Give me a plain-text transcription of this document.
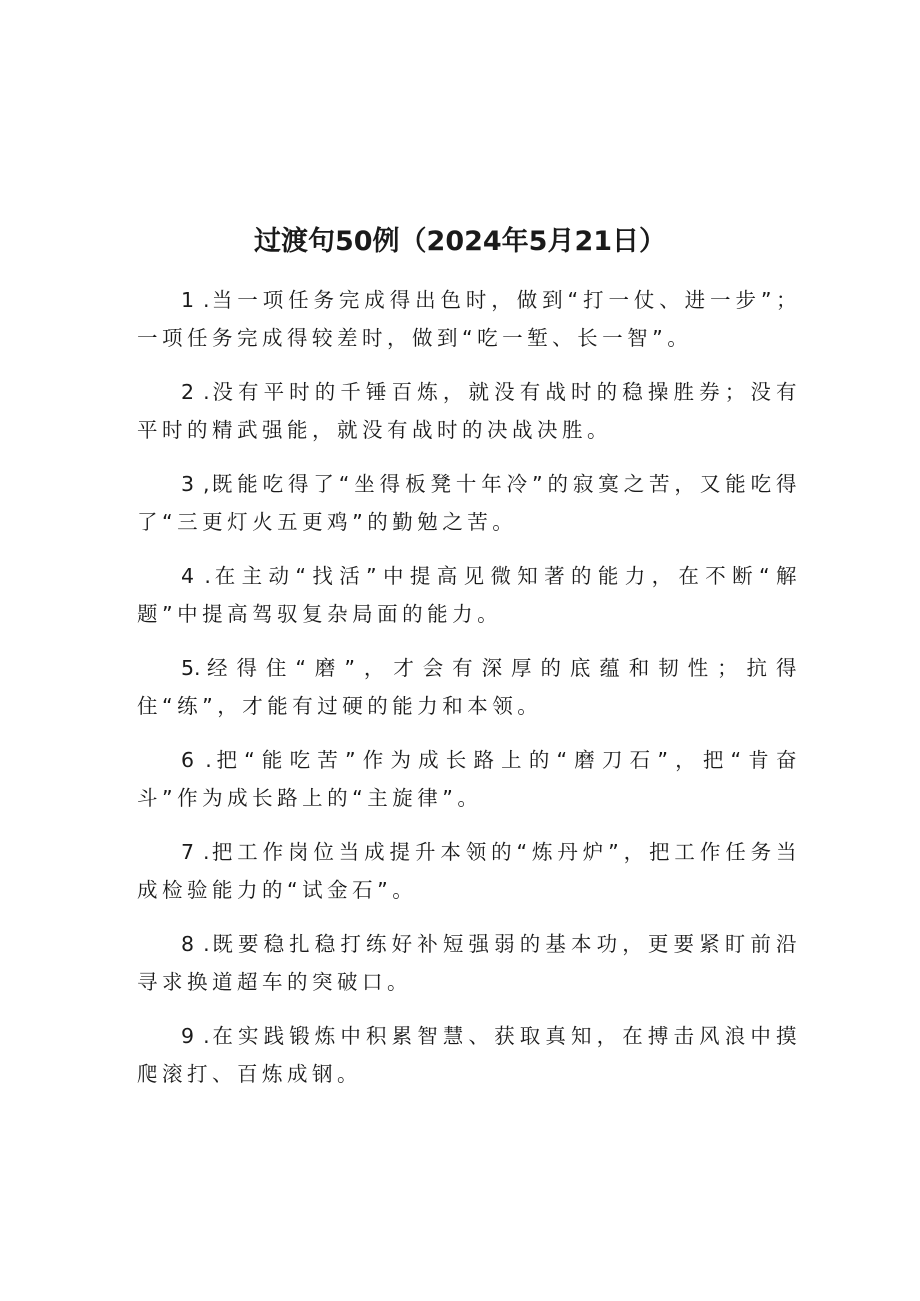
过渡句50例（2024年5月21日）

1 .当一项任务完成得出色时，做到“打一仗、进一步”；一项任务完成得较差时，做到“吃一堑、长一智”。

2 .没有平时的千锤百炼，就没有战时的稳操胜券；没有平时的精武强能，就没有战时的决战决胜。

3 ,既能吃得了“坐得板凳十年冷”的寂寞之苦，又能吃得了“三更灯火五更鸡”的勤勉之苦。

4 .在主动“找活”中提高见微知著的能力，在不断“解题”中提高驾驭复杂局面的能力。

5.经得住“磨”，才会有深厚的底蕴和韧性；抗得住“练”，才能有过硬的能力和本领。

6 .把“能吃苦”作为成长路上的“磨刀石”，把“肯奋斗”作为成长路上的“主旋律”。

7 .把工作岗位当成提升本领的“炼丹炉”，把工作任务当成检验能力的“试金石”。

8 .既要稳扎稳打练好补短强弱的基本功，更要紧盯前沿寻求换道超车的突破口。

9 .在实践锻炼中积累智慧、获取真知，在搏击风浪中摸爬滚打、百炼成钢。
